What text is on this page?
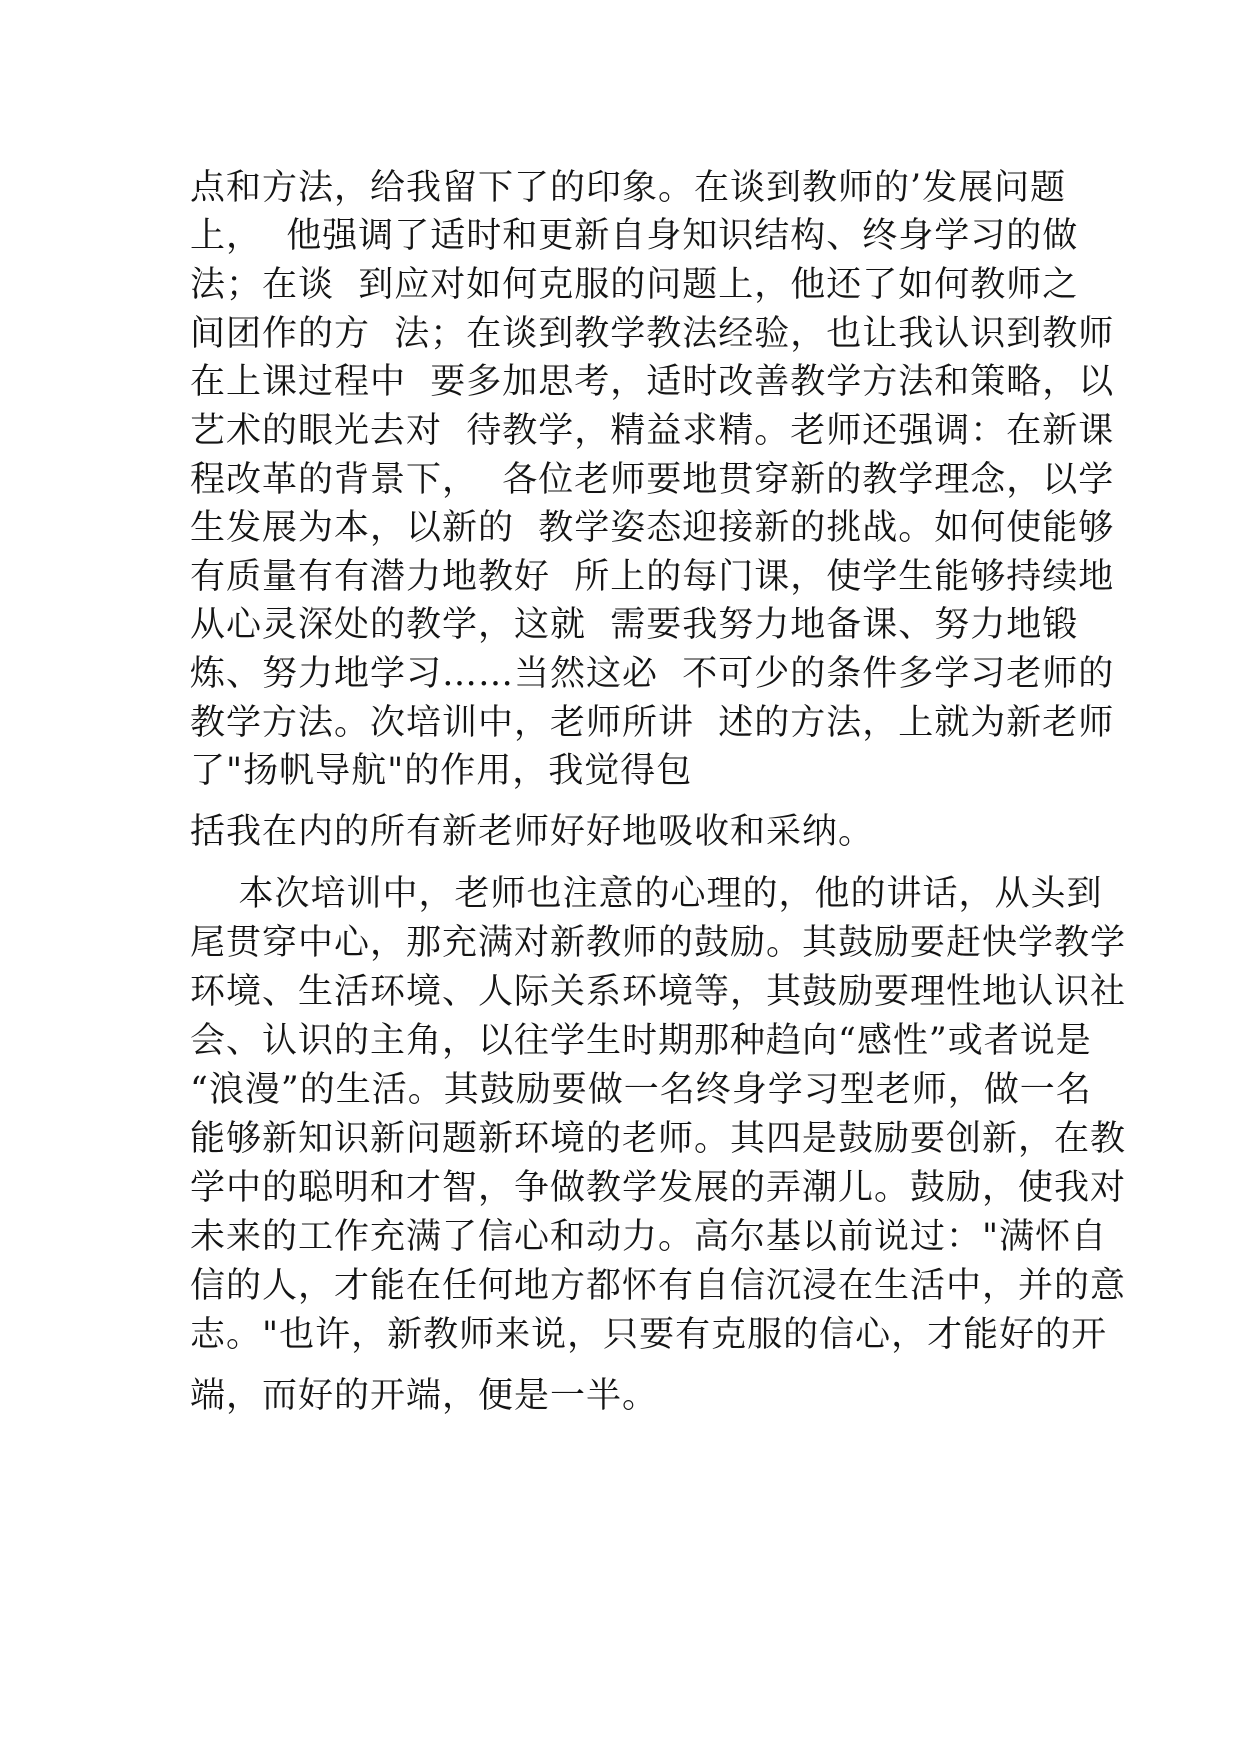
点和方法，给我留下了的印象。在谈到教师的’发展问题

上，  他强调了适时和更新自身知识结构、终身学习的做

法；在谈  到应对如何克服的问题上，他还了如何教师之

间团作的方  法；在谈到教学教法经验，也让我认识到教师

在上课过程中  要多加思考，适时改善教学方法和策略，以

艺术的眼光去对  待教学，精益求精。老师还强调：在新课

程改革的背景下，  各位老师要地贯穿新的教学理念，以学

生发展为本，以新的  教学姿态迎接新的挑战。如何使能够

有质量有有潜力地教好  所上的每门课，使学生能够持续地

从心灵深处的教学，这就  需要我努力地备课、努力地锻

炼、努力地学习……当然这必  不可少的条件多学习老师的

教学方法。次培训中，老师所讲  述的方法，上就为新老师

了"扬帆导航"的作用，我觉得包

括我在内的所有新老师好好地吸收和采纳。

本次培训中，老师也注意的心理的，他的讲话，从头到

尾贯穿中心，那充满对新教师的鼓励。其鼓励要赶快学教学

环境、生活环境、人际关系环境等，其鼓励要理性地认识社

会、认识的主角，以往学生时期那种趋向“感性”或者说是

“浪漫”的生活。其鼓励要做一名终身学习型老师，做一名

能够新知识新问题新环境的老师。其四是鼓励要创新，在教

学中的聪明和才智，争做教学发展的弄潮儿。鼓励，使我对

未来的工作充满了信心和动力。高尔基以前说过："满怀自

信的人，才能在任何地方都怀有自信沉浸在生活中，并的意

志。"也许，新教师来说，只要有克服的信心，才能好的开

端，而好的开端，便是一半。
